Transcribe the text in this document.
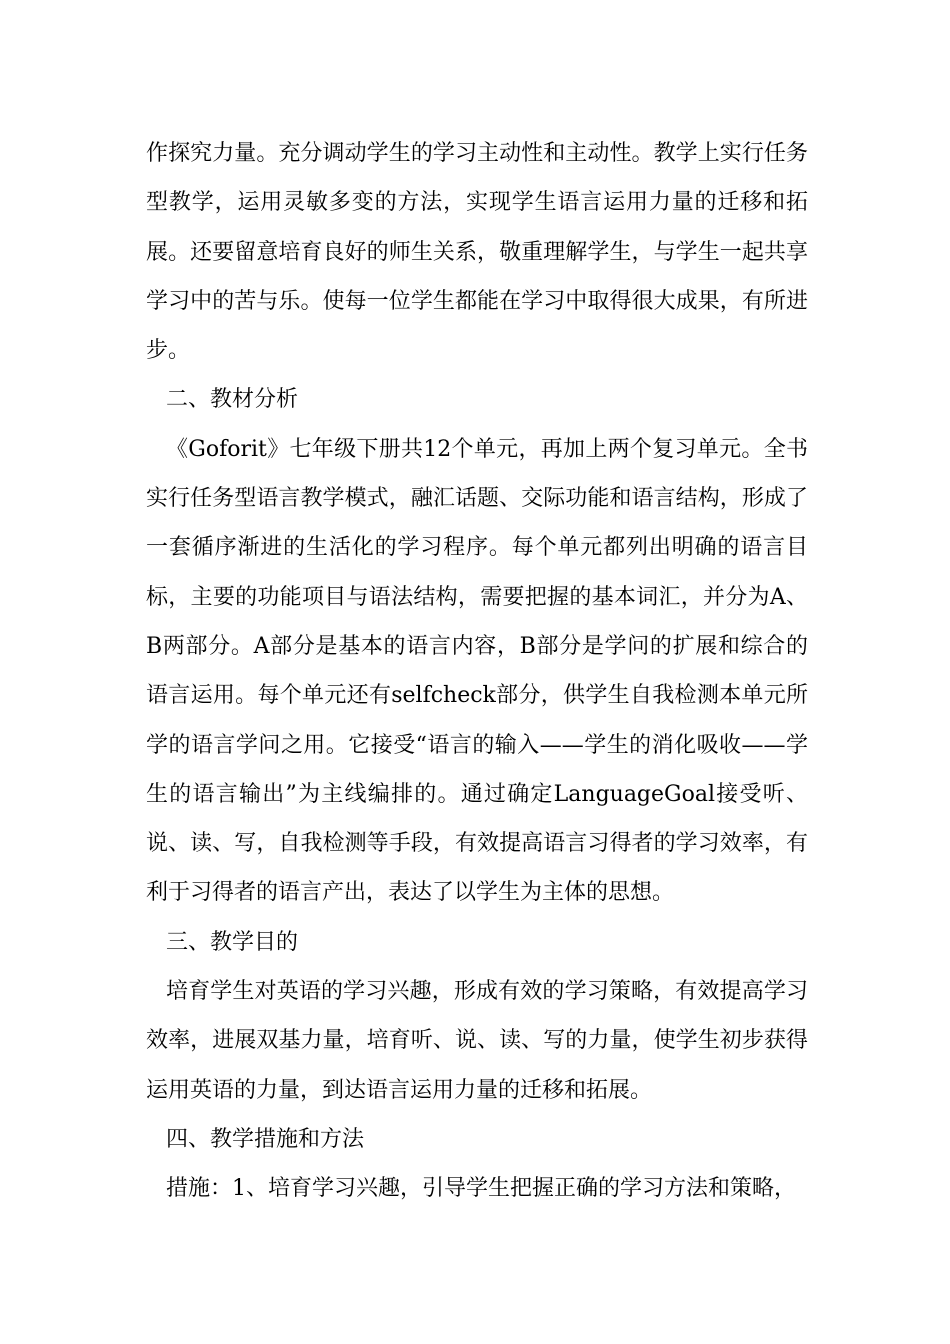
作探究力量。充分调动学生的学习主动性和主动性。教学上实行任务型教学，运用灵敏多变的方法，实现学生语言运用力量的迁移和拓展。还要留意培育良好的师生关系，敬重理解学生，与学生一起共享学习中的苦与乐。使每一位学生都能在学习中取得很大成果，有所进步。

二、教材分析

《Goforit》七年级下册共12个单元，再加上两个复习单元。全书实行任务型语言教学模式，融汇话题、交际功能和语言结构，形成了一套循序渐进的生活化的学习程序。每个单元都列出明确的语言目标，主要的功能项目与语法结构，需要把握的基本词汇，并分为A、B两部分。A部分是基本的语言内容，B部分是学问的扩展和综合的语言运用。每个单元还有selfcheck部分，供学生自我检测本单元所学的语言学问之用。它接受“语言的输入——学生的消化吸收——学生的语言输出”为主线编排的。通过确定LanguageGoal接受听、说、读、写，自我检测等手段，有效提高语言习得者的学习效率，有利于习得者的语言产出，表达了以学生为主体的思想。

三、教学目的

培育学生对英语的学习兴趣，形成有效的学习策略，有效提高学习效率，进展双基力量，培育听、说、读、写的力量，使学生初步获得运用英语的力量，到达语言运用力量的迁移和拓展。

四、教学措施和方法

措施：1、培育学习兴趣，引导学生把握正确的学习方法和策略，
